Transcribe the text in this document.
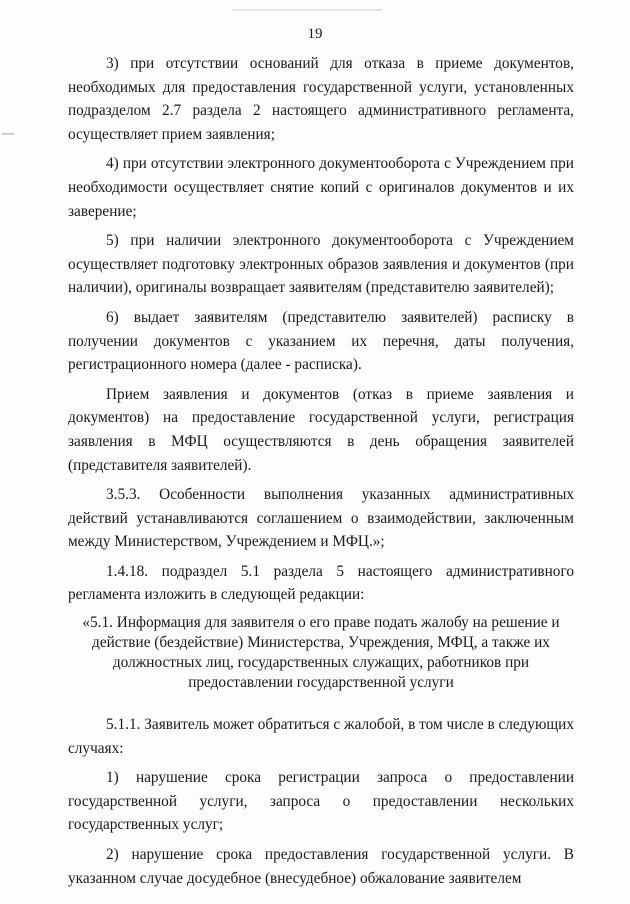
19

3) при отсутствии оснований для отказа в приеме документов, необходимых для предоставления государственной услуги, установленных подразделом 2.7 раздела 2 настоящего административного регламента, осуществляет прием заявления;

4) при отсутствии электронного документооборота с Учреждением при необходимости осуществляет снятие копий с оригиналов документов и их заверение;

5) при наличии электронного документооборота с Учреждением осуществляет подготовку электронных образов заявления и документов (при наличии), оригиналы возвращает заявителям (представителю заявителей);

6) выдает заявителям (представителю заявителей) расписку в получении документов с указанием их перечня, даты получения, регистрационного номера (далее - расписка).

Прием заявления и документов (отказ в приеме заявления и документов) на предоставление государственной услуги, регистрация заявления в МФЦ осуществляются в день обращения заявителей (представителя заявителей).

3.5.3. Особенности выполнения указанных административных действий устанавливаются соглашением о взаимодействии, заключенным между Министерством, Учреждением и МФЦ.»;

1.4.18. подраздел 5.1 раздела 5 настоящего административного регламента изложить в следующей редакции:

«5.1. Информация для заявителя о его праве подать жалобу на решение и
действие (бездействие) Министерства, Учреждения, МФЦ, а также их
должностных лиц, государственных служащих, работников при
предоставлении государственной услуги

5.1.1. Заявитель может обратиться с жалобой, в том числе в следующих случаях:

1) нарушение срока регистрации запроса о предоставлении государственной услуги, запроса о предоставлении нескольких государственных услуг;

2) нарушение срока предоставления государственной услуги. В указанном случае досудебное (внесудебное) обжалование заявителем
